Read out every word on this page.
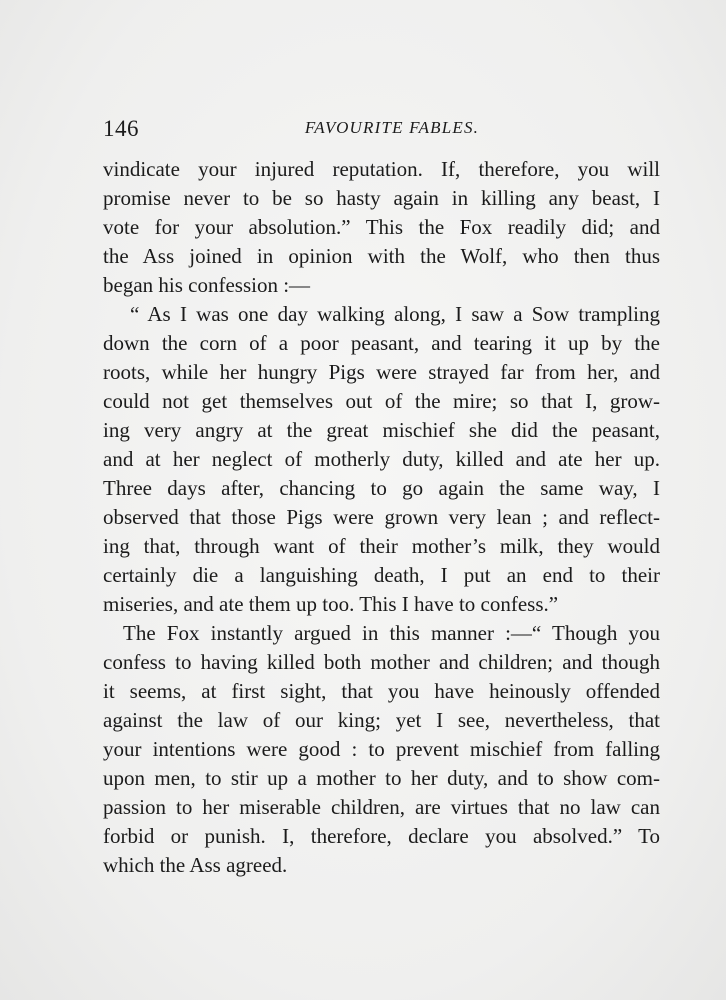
146	FAVOURITE FABLES.
vindicate your injured reputation. If, therefore, you will
promise never to be so hasty again in killing any beast, I
vote for your absolution.” This the Fox readily did; and
the Ass joined in opinion with the Wolf, who then thus
began his confession :—
“ As I was one day walking along, I saw a Sow trampling
down the corn of a poor peasant, and tearing it up by the
roots, while her hungry Pigs were strayed far from her, and
could not get themselves out of the mire; so that I, grow-
ing very angry at the great mischief she did the peasant,
and at her neglect of motherly duty, killed and ate her up.
Three days after, chancing to go again the same way, I
observed that those Pigs were grown very lean ; and reflect-
ing that, through want of their mother’s milk, they would
certainly die a languishing death, I put an end to their
miseries, and ate them up too. This I have to confess.”
The Fox instantly argued in this manner :—“ Though you
confess to having killed both mother and children; and though
it seems, at first sight, that you have heinously offended
against the law of our king; yet I see, nevertheless, that
your intentions were good : to prevent mischief from falling
upon men, to stir up a mother to her duty, and to show com-
passion to her miserable children, are virtues that no law can
forbid or punish. I, therefore, declare you absolved.” To
which the Ass agreed.
